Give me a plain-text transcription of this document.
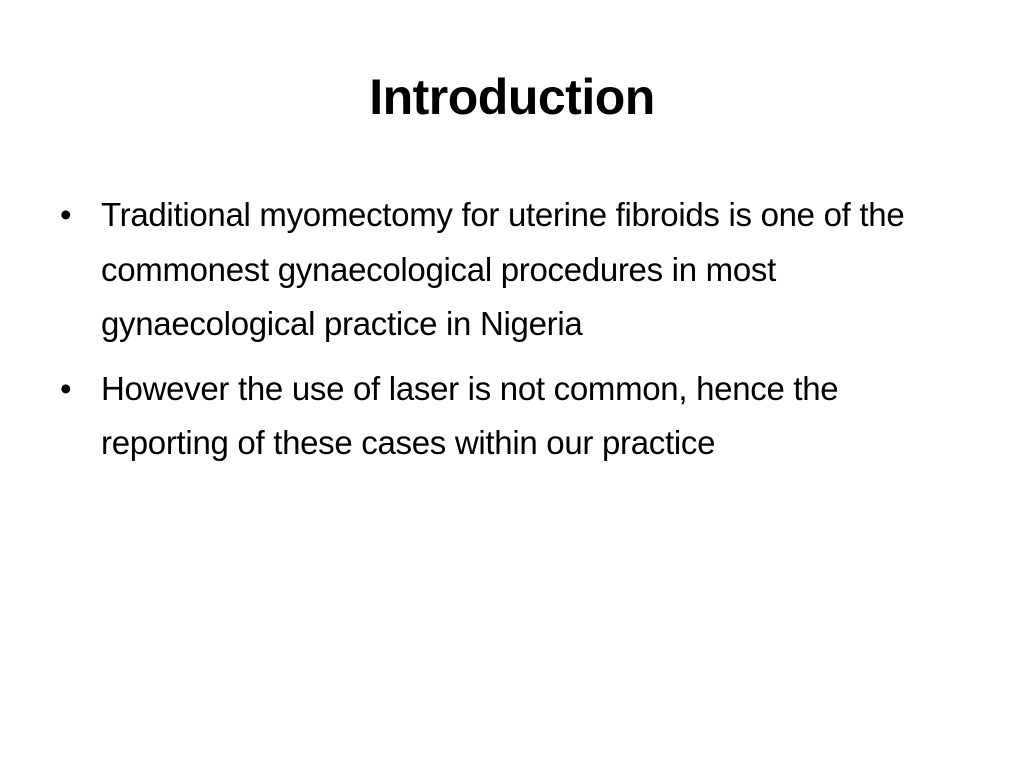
Introduction
• Traditional myomectomy for uterine fibroids is one of the commonest gynaecological procedures in most gynaecological practice in Nigeria
• However the use of laser is not common, hence the reporting of these cases within our practice
